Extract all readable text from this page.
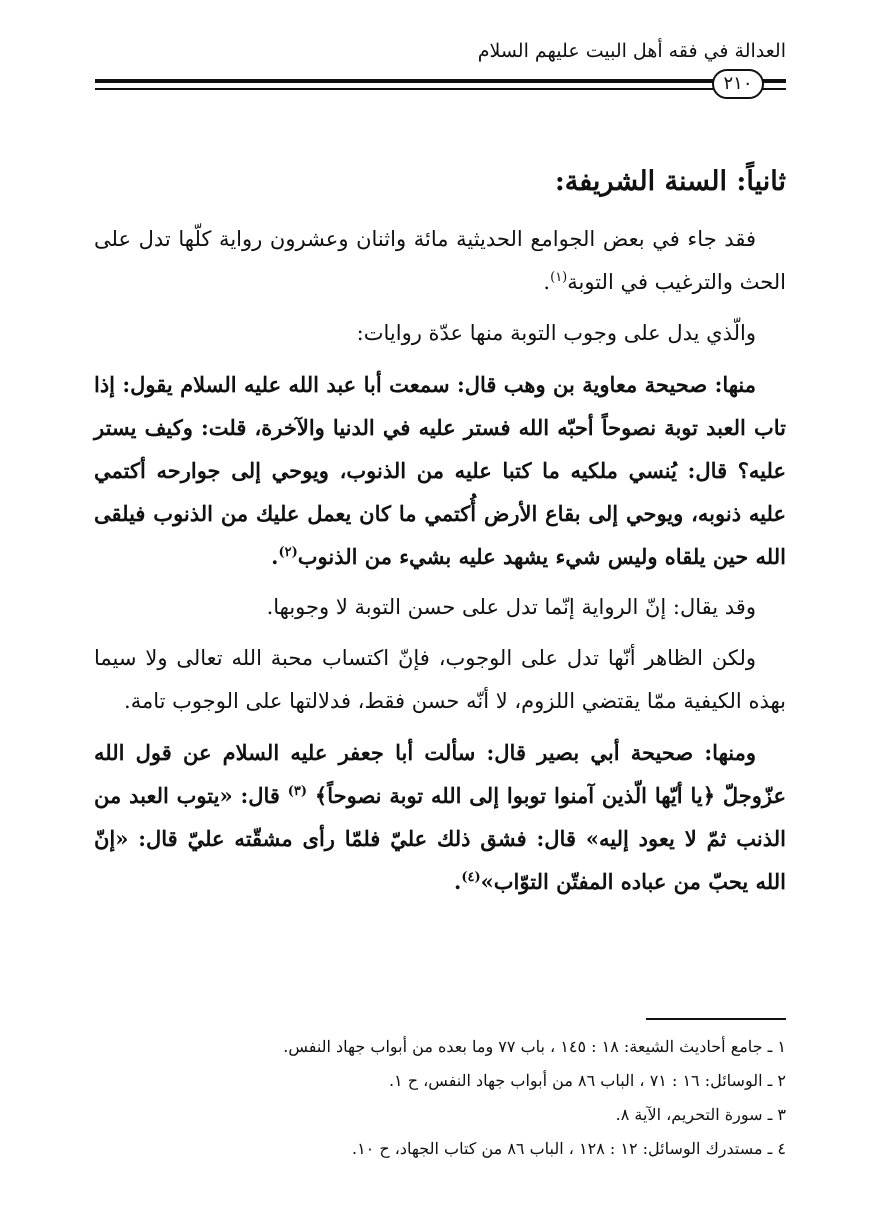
العدالة في فقه أهل البيت عليهم السلام
٢١٠

ثانياً: السنة الشريفة:

فقد جاء في بعض الجوامع الحديثية مائة واثنان وعشرون رواية كلّها تدل على الحث والترغيب في التوبة$^{(١)}$.

والّذي يدل على وجوب التوبة منها عدّة روايات:

منها: صحيحة معاوية بن وهب قال: سمعت أبا عبد الله عليه السلام يقول: إذا تاب العبد توبة نصوحاً أحبّه الله فستر عليه في الدنيا والآخرة، قلت: وكيف يستر عليه؟ قال: يُنسي ملكيه ما كتبا عليه من الذنوب، ويوحي إلى جوارحه أكتمي عليه ذنوبه، ويوحي إلى بقاع الأرض أُكتمي ما كان يعمل عليك من الذنوب فيلقى الله حين يلقاه وليس شيء يشهد عليه بشيء من الذنوب$^{(٢)}$.

وقد يقال: إنّ الرواية إنّما تدل على حسن التوبة لا وجوبها.

ولكن الظاهر أنّها تدل على الوجوب، فإنّ اكتساب محبة الله تعالى ولا سيما بهذه الكيفية ممّا يقتضي اللزوم، لا أنّه حسن فقط، فدلالتها على الوجوب تامة.

ومنها: صحيحة أبي بصير قال: سألت أبا جعفر عليه السلام عن قول الله عزّوجلّ ﴿يا أيّها الّذين آمنوا توبوا إلى الله توبة نصوحاً﴾ $^{(٣)}$ قال: «يتوب العبد من الذنب ثمّ لا يعود إليه» قال: فشق ذلك عليّ فلمّا رأى مشقّته عليّ قال: «إنّ الله يحبّ من عباده المفتّن التوّاب»$^{(٤)}$.

١ ـ جامع أحاديث الشيعة: ١٨ : ١٤٥ ، باب ٧٧ وما بعده من أبواب جهاد النفس.

٢ ـ الوسائل: ١٦ : ٧١ ، الباب ٨٦ من أبواب جهاد النفس، ح ١.

٣ ـ سورة التحريم، الآية ٨.

٤ ـ مستدرك الوسائل: ١٢ : ١٢٨ ، الباب ٨٦ من كتاب الجهاد، ح ١٠.
